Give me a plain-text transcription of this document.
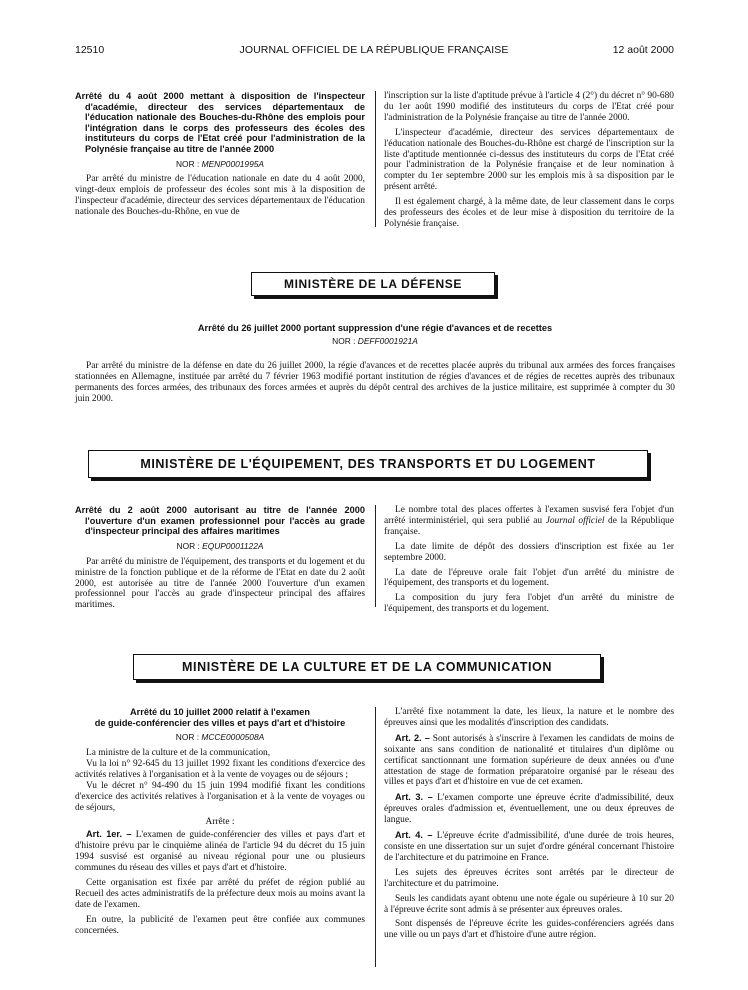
12510	JOURNAL OFFICIEL DE LA RÉPUBLIQUE FRANÇAISE	12 août 2000
Arrêté du 4 août 2000 mettant à disposition de l'inspecteur d'académie, directeur des services départementaux de l'éducation nationale des Bouches-du-Rhône des emplois pour l'intégration dans le corps des professeurs des écoles des instituteurs du corps de l'Etat créé pour l'administration de la Polynésie française au titre de l'année 2000
NOR : MENP0001995A

Par arrêté du ministre de l'éducation nationale en date du 4 août 2000, vingt-deux emplois de professeur des écoles sont mis à la disposition de l'inspecteur d'académie, directeur des services départementaux de l'éducation nationale des Bouches-du-Rhône, en vue de

l'inscription sur la liste d'aptitude prévue à l'article 4 (2°) du décret n° 90-680 du 1er août 1990 modifié des instituteurs du corps de l'Etat créé pour l'administration de la Polynésie française au titre de l'année 2000.

L'inspecteur d'académie, directeur des services départementaux de l'éducation nationale des Bouches-du-Rhône est chargé de l'inscription sur la liste d'aptitude mentionnée ci-dessus des instituteurs du corps de l'Etat créé pour l'administration de la Polynésie française et de leur nomination à compter du 1er septembre 2000 sur les emplois mis à sa disposition par le présent arrêté.

Il est également chargé, à la même date, de leur classement dans le corps des professeurs des écoles et de leur mise à disposition du territoire de la Polynésie française.

MINISTÈRE DE LA DÉFENSE
Arrêté du 26 juillet 2000 portant suppression d'une régie d'avances et de recettes
NOR : DEFF0001921A

Par arrêté du ministre de la défense en date du 26 juillet 2000, la régie d'avances et de recettes placée auprès du tribunal aux armées des forces françaises stationnées en Allemagne, instituée par arrêté du 7 février 1963 modifié portant institution de régies d'avances et de régies de recettes auprès des tribunaux permanents des forces armées, des tribunaux des forces armées et auprès du dépôt central des archives de la justice militaire, est supprimée à compter du 30 juin 2000.

MINISTÈRE DE L'ÉQUIPEMENT, DES TRANSPORTS ET DU LOGEMENT
Arrêté du 2 août 2000 autorisant au titre de l'année 2000 l'ouverture d'un examen professionnel pour l'accès au grade d'inspecteur principal des affaires maritimes
NOR : EQUP0001122A

Par arrêté du ministre de l'équipement, des transports et du logement et du ministre de la fonction publique et de la réforme de l'Etat en date du 2 août 2000, est autorisée au titre de l'année 2000 l'ouverture d'un examen professionnel pour l'accès au grade d'inspecteur principal des affaires maritimes.

Le nombre total des places offertes à l'examen susvisé fera l'objet d'un arrêté interministériel, qui sera publié au Journal officiel de la République française.

La date limite de dépôt des dossiers d'inscription est fixée au 1er septembre 2000.

La date de l'épreuve orale fait l'objet d'un arrêté du ministre de l'équipement, des transports et du logement.

La composition du jury fera l'objet d'un arrêté du ministre de l'équipement, des transports et du logement.

MINISTÈRE DE LA CULTURE ET DE LA COMMUNICATION
Arrêté du 10 juillet 2000 relatif à l'examen
de guide-conférencier des villes et pays d'art et d'histoire
NOR : MCCE0000508A

La ministre de la culture et de la communication,

Vu la loi n° 92-645 du 13 juillet 1992 fixant les conditions d'exercice des activités relatives à l'organisation et à la vente de voyages ou de séjours ;

Vu le décret n° 94-490 du 15 juin 1994 modifié fixant les conditions d'exercice des activités relatives à l'organisation et à la vente de voyages ou de séjours,

Arrête :

Art. 1er. – L'examen de guide-conférencier des villes et pays d'art et d'histoire prévu par le cinquième alinéa de l'article 94 du décret du 15 juin 1994 susvisé est organisé au niveau régional pour une ou plusieurs communes du réseau des villes et pays d'art et d'histoire.

Cette organisation est fixée par arrêté du préfet de région publié au Recueil des actes administratifs de la préfecture deux mois au moins avant la date de l'examen.

En outre, la publicité de l'examen peut être confiée aux communes concernées.

L'arrêté fixe notamment la date, les lieux, la nature et le nombre des épreuves ainsi que les modalités d'inscription des candidats.

Art. 2. – Sont autorisés à s'inscrire à l'examen les candidats de moins de soixante ans sans condition de nationalité et titulaires d'un diplôme ou certificat sanctionnant une formation supérieure de deux années ou d'une attestation de stage de formation préparatoire organisé par le réseau des villes et pays d'art et d'histoire en vue de cet examen.

Art. 3. – L'examen comporte une épreuve écrite d'admissibilité, deux épreuves orales d'admission et, éventuellement, une ou deux épreuves de langue.

Art. 4. – L'épreuve écrite d'admissibilité, d'une durée de trois heures, consiste en une dissertation sur un sujet d'ordre général concernant l'histoire de l'architecture et du patrimoine en France.

Les sujets des épreuves écrites sont arrêtés par le directeur de l'architecture et du patrimoine.

Seuls les candidats ayant obtenu une note égale ou supérieure à 10 sur 20 à l'épreuve écrite sont admis à se présenter aux épreuves orales.

Sont dispensés de l'épreuve écrite les guides-conférenciers agréés dans une ville ou un pays d'art et d'histoire d'une autre région.
